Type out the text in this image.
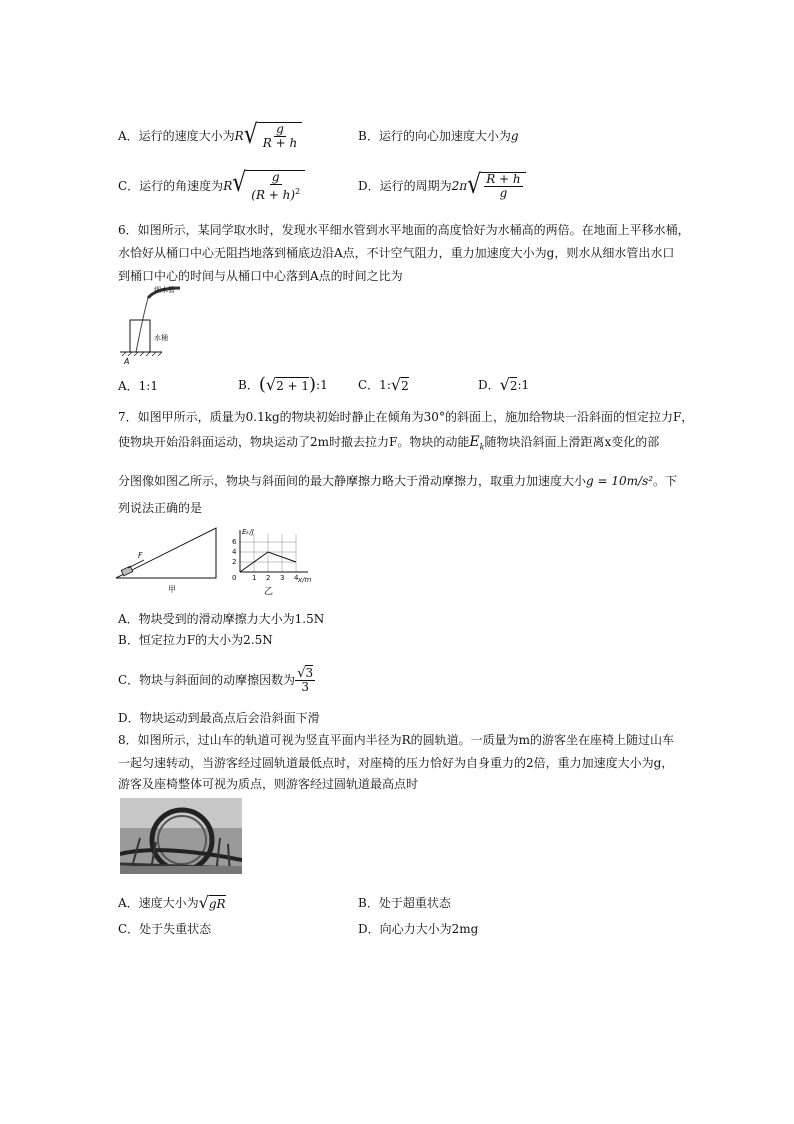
A．运行的速度大小为 R √ $\frac{g}{R + h}$	B．运行的向心加速度大小为g
C．运行的角速度为 R √ $\frac{g}{(R + h)^2}$	D．运行的周期为 2π √ $\frac{R + h}{g}$
6．如图所示，某同学取水时，发现水平细水管到水平地面的高度恰好为水桶高的两倍。在地面上平移水桶，
水恰好从桶口中心无阻挡地落到桶底边沿A点，不计空气阻力，重力加速度大小为g，则水从细水管出水口
到桶口中心的时间与从桶口中心落到A点的时间之比为
细水管
水桶
A
A．1:1	B． ( √ 2 + 1 ) :1	C．1: √ 2	D． √ 2 :1
7．如图甲所示，质量为0.1kg的物块初始时静止在倾角为30°的斜面上，施加给物块一沿斜面的恒定拉力F，
使物块开始沿斜面运动，物块运动了2m时撤去拉力F。物块的动能$E_k$随物块沿斜面上滑距离x变化的部
分图像如图乙所示，物块与斜面间的最大静摩擦力略大于滑动摩擦力，取重力加速度大小g = 10m/s²。下
列说法正确的是
F
甲
Eₖ/J
x/m
6
4
2
0 1 2 3 4
乙
A．物块受到的滑动摩擦力大小为1.5N
B．恒定拉力F的大小为2.5N
C．物块与斜面间的动摩擦因数为 $\frac{√3}{3}$
D．物块运动到最高点后会沿斜面下滑
8．如图所示，过山车的轨道可视为竖直平面内半径为R的圆轨道。一质量为m的游客坐在座椅上随过山车
一起匀速转动，当游客经过圆轨道最低点时，对座椅的压力恰好为自身重力的2倍，重力加速度大小为g，
游客及座椅整体可视为质点，则游客经过圆轨道最高点时
A．速度大小为 √ gR	B．处于超重状态
C．处于失重状态	D．向心力大小为2mg
